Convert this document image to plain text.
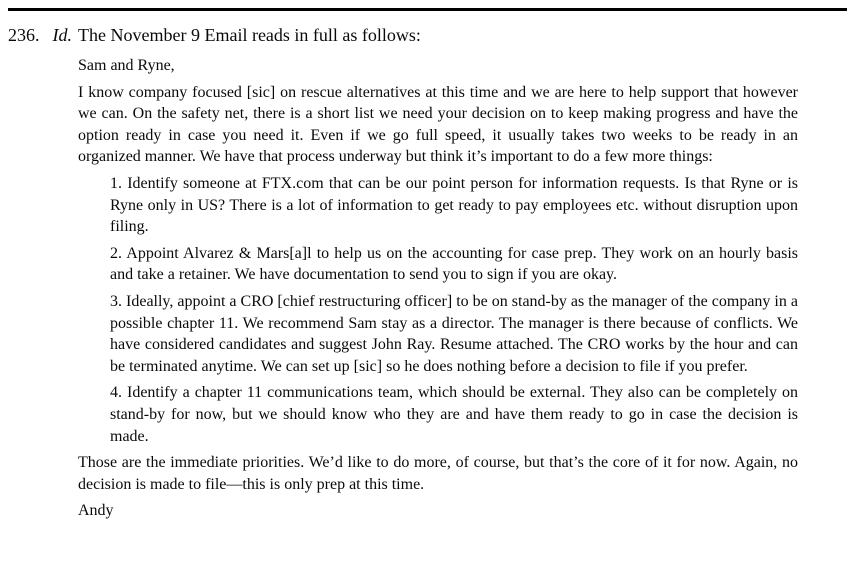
236. Id. The November 9 Email reads in full as follows:

Sam and Ryne,

I know company focused [sic] on rescue alternatives at this time and we are here to help support that however we can. On the safety net, there is a short list we need your decision on to keep making progress and have the option ready in case you need it. Even if we go full speed, it usually takes two weeks to be ready in an organized manner. We have that process underway but think it’s important to do a few more things:

1. Identify someone at FTX.com that can be our point person for information requests. Is that Ryne or is Ryne only in US? There is a lot of information to get ready to pay employees etc. without disruption upon filing.

2. Appoint Alvarez & Mars[a]l to help us on the accounting for case prep. They work on an hourly basis and take a retainer. We have documentation to send you to sign if you are okay.

3. Ideally, appoint a CRO [chief restructuring officer] to be on stand-by as the manager of the company in a possible chapter 11. We recommend Sam stay as a director. The manager is there because of conflicts. We have considered candidates and suggest John Ray. Resume attached. The CRO works by the hour and can be terminated anytime. We can set up [sic] so he does nothing before a decision to file if you prefer.

4. Identify a chapter 11 communications team, which should be external. They also can be completely on stand-by for now, but we should know who they are and have them ready to go in case the decision is made.

Those are the immediate priorities. We’d like to do more, of course, but that’s the core of it for now. Again, no decision is made to file—this is only prep at this time.

Andy
